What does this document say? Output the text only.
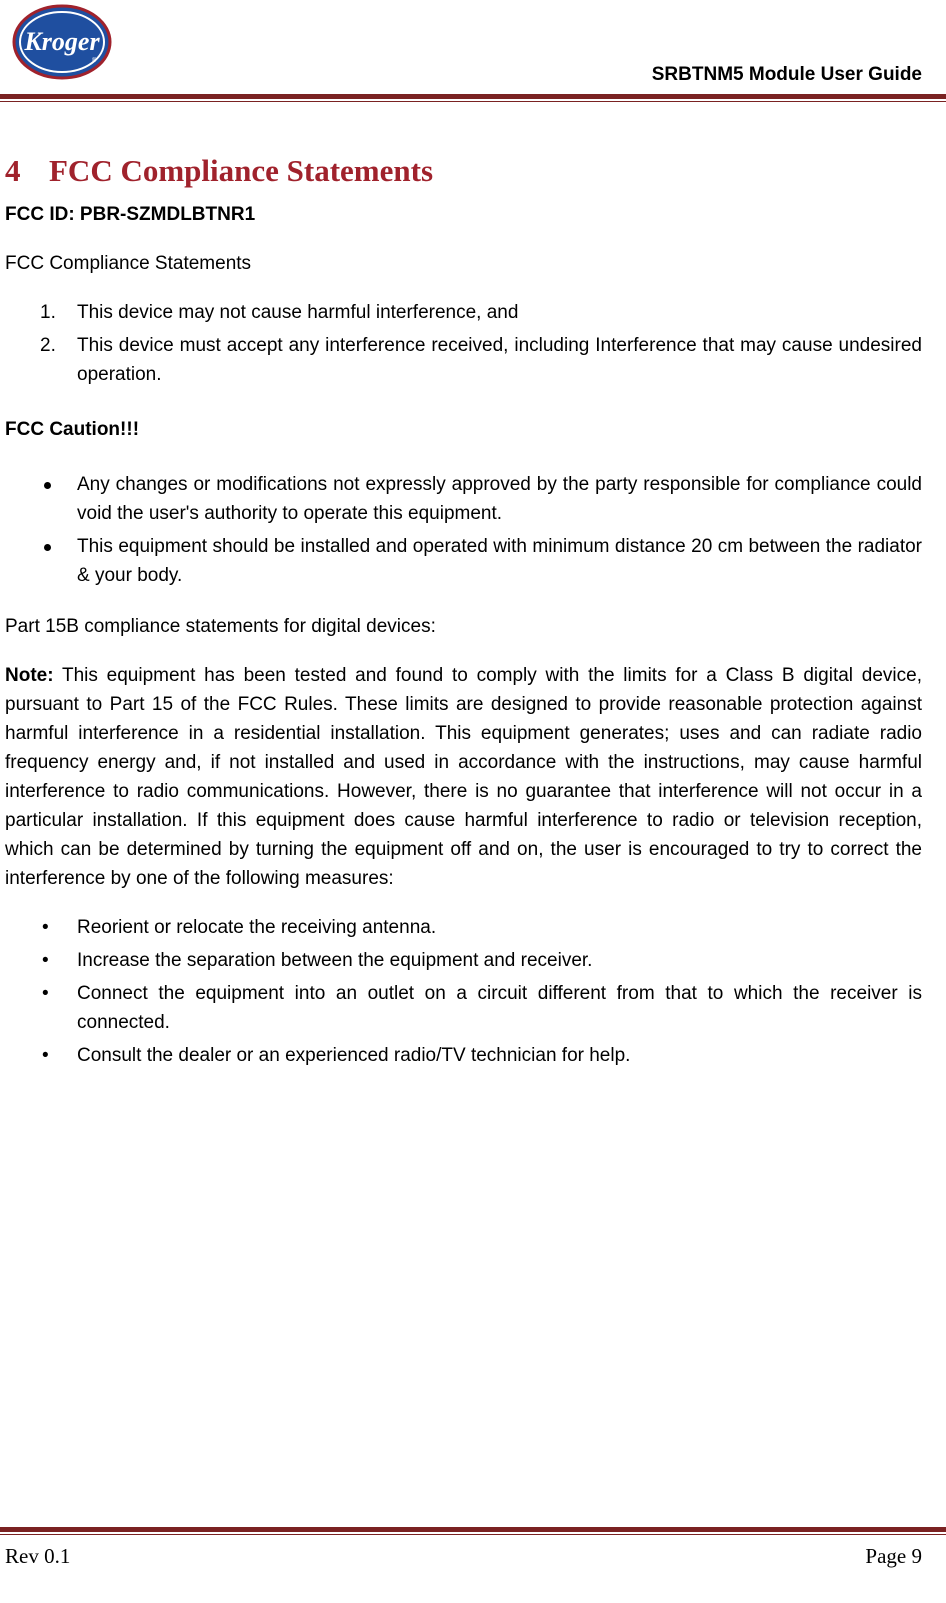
Kroger
®
SRBTNM5 Module User Guide
4 FCC Compliance Statements
FCC ID: PBR-SZMDLBTNR1
FCC Compliance Statements
1. This device may not cause harmful interference, and
2. This device must accept any interference received, including Interference that may cause undesired operation.
FCC Caution!!!
Any changes or modifications not expressly approved by the party responsible for compliance could void the user's authority to operate this equipment.
This equipment should be installed and operated with minimum distance 20 cm between the radiator & your body.
Part 15B compliance statements for digital devices:
Note: This equipment has been tested and found to comply with the limits for a Class B digital device, pursuant to Part 15 of the FCC Rules. These limits are designed to provide reasonable protection against harmful interference in a residential installation. This equipment generates; uses and can radiate radio frequency energy and, if not installed and used in accordance with the instructions, may cause harmful interference to radio communications. However, there is no guarantee that interference will not occur in a particular installation. If this equipment does cause harmful interference to radio or television reception, which can be determined by turning the equipment off and on, the user is encouraged to try to correct the interference by one of the following measures:
• Reorient or relocate the receiving antenna.
• Increase the separation between the equipment and receiver.
• Connect the equipment into an outlet on a circuit different from that to which the receiver is connected.
• Consult the dealer or an experienced radio/TV technician for help.
Rev 0.1	Page 9
